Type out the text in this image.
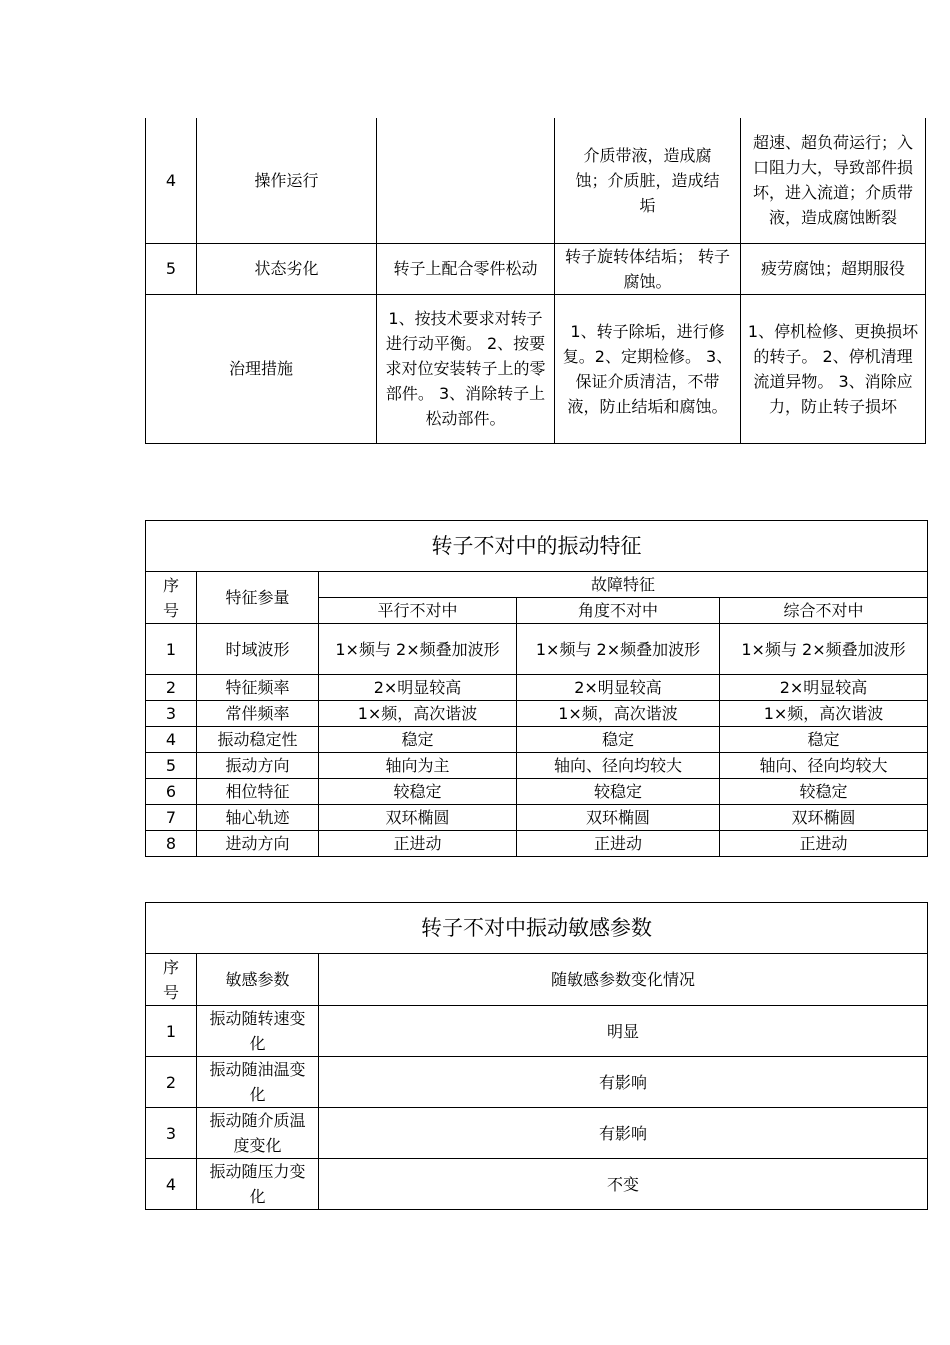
4	操作运行		介质带液，造成腐蚀；介质脏，造成结垢	超速、超负荷运行；入口阻力大，导致部件损坏，进入流道；介质带液，造成腐蚀断裂
5	状态劣化	转子上配合零件松动	转子旋转体结垢； 转子腐蚀。	疲劳腐蚀；超期服役
治理措施		1、按技术要求对转子进行动平衡。 2、按要求对位安装转子上的零部件。 3、消除转子上松动部件。	1、转子除垢，进行修复。2、定期检修。 3、保证介质清洁，不带液，防止结垢和腐蚀。	1、停机检修、更换损坏的转子。 2、停机清理流道异物。 3、消除应力，防止转子损坏
转子不对中的振动特征				
序号	特征参量	故障特征		
		平行不对中	角度不对中	综合不对中
1	时域波形	1×频与 2×频叠加波形	1×频与 2×频叠加波形	1×频与 2×频叠加波形
2	特征频率	2×明显较高	2×明显较高	2×明显较高
3	常伴频率	1×频，高次谐波	1×频，高次谐波	1×频，高次谐波
4	振动稳定性	稳定	稳定	稳定
5	振动方向	轴向为主	轴向、径向均较大	轴向、径向均较大
6	相位特征	较稳定	较稳定	较稳定
7	轴心轨迹	双环椭圆	双环椭圆	双环椭圆
8	进动方向	正进动	正进动	正进动
转子不对中振动敏感参数		
序号	敏感参数	随敏感参数变化情况
1	振动随转速变化	明显
2	振动随油温变化	有影响
3	振动随介质温度变化	有影响
4	振动随压力变化	不变
